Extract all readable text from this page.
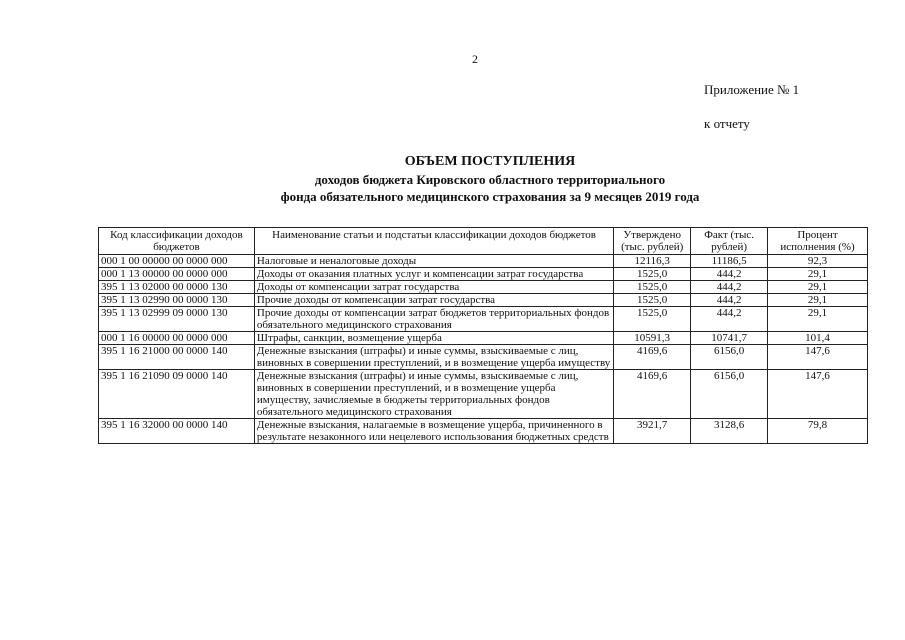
2
Приложение № 1
к отчету
ОБЪЕМ ПОСТУПЛЕНИЯ
доходов бюджета Кировского областного территориального
фонда обязательного медицинского страхования за 9 месяцев 2019 года
Код классификации доходов бюджетов	Наименование статьи и подстатьи классификации доходов бюджетов	Утверждено (тыс. рублей)	Факт (тыс. рублей)	Процент исполнения (%)
000 1 00 00000 00 0000 000	Налоговые и неналоговые доходы	12116,3	11186,5	92,3
000 1 13 00000 00 0000 000	Доходы от оказания платных услуг и компенсации затрат государства	1525,0	444,2	29,1
395 1 13 02000 00 0000 130	Доходы от компенсации затрат государства	1525,0	444,2	29,1
395 1 13 02990 00 0000 130	Прочие доходы от компенсации затрат государства	1525,0	444,2	29,1
395 1 13 02999 09 0000 130	Прочие доходы от компенсации затрат бюджетов территориальных фондов обязательного медицинского страхования	1525,0	444,2	29,1
000 1 16 00000 00 0000 000	Штрафы, санкции, возмещение ущерба	10591,3	10741,7	101,4
395 1 16 21000 00 0000 140	Денежные взыскания (штрафы) и иные суммы, взыскиваемые с лиц, виновных в совершении преступлений, и в возмещение ущерба имуществу	4169,6	6156,0	147,6
395 1 16 21090 09 0000 140	Денежные взыскания (штрафы) и иные суммы, взыскиваемые с лиц, виновных в совершении преступлений, и в возмещение ущерба имуществу, зачисляемые в бюджеты территориальных фондов обязательного медицинского страхования	4169,6	6156,0	147,6
395 1 16 32000 00 0000 140	Денежные взыскания, налагаемые в возмещение ущерба, причиненного в результате незаконного или нецелевого использования бюджетных средств	3921,7	3128,6	79,8
